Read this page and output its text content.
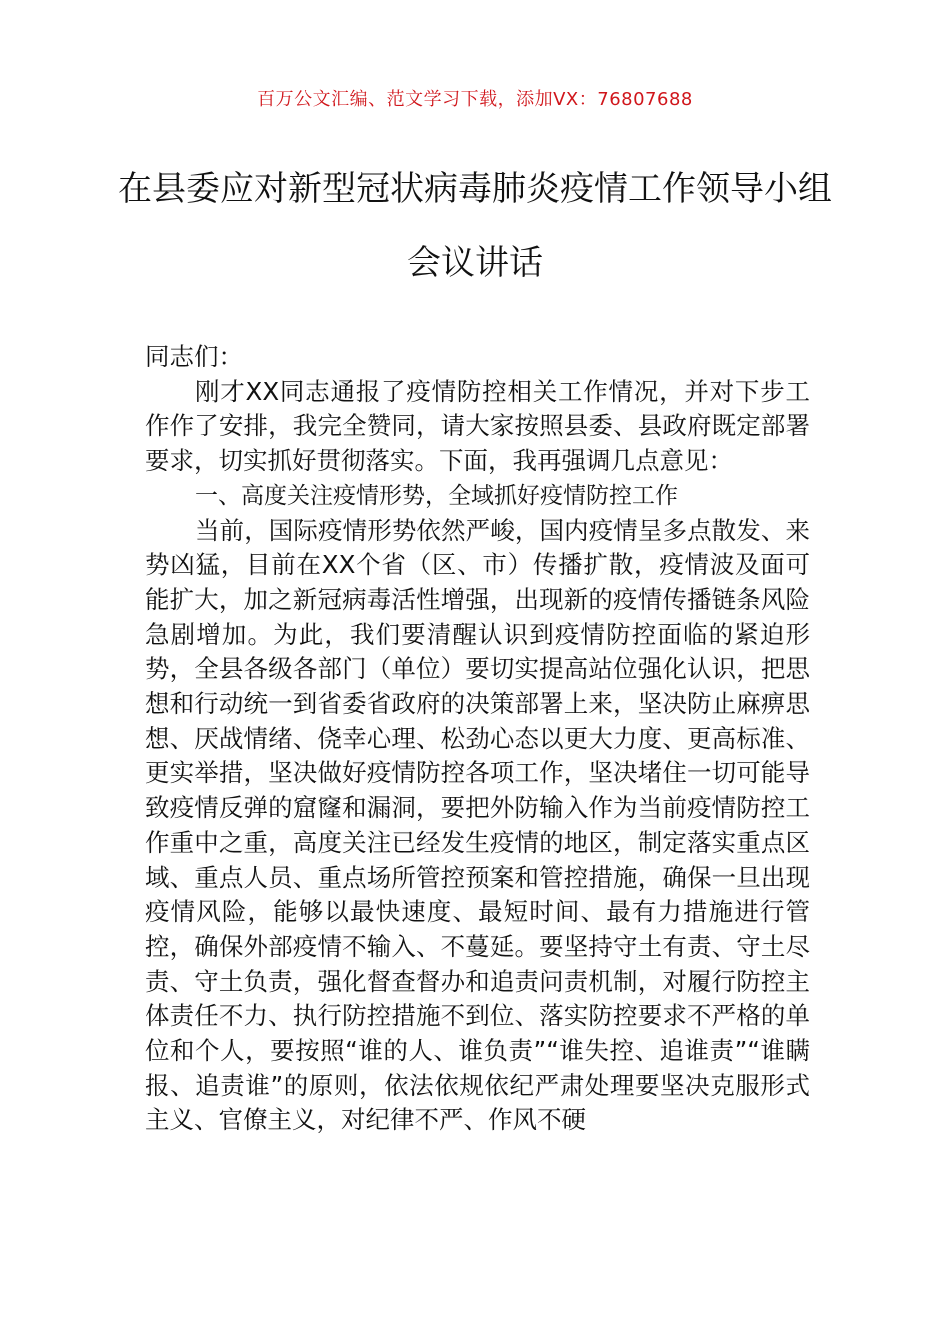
百万公文汇编、范文学习下载，添加VX：76807688
在县委应对新型冠状病毒肺炎疫情工作领导小组会议讲话

同志们：

刚才XX同志通报了疫情防控相关工作情况，并对下步工作作了安排，我完全赞同，请大家按照县委、县政府既定部署要求，切实抓好贯彻落实。下面，我再强调几点意见：

一、高度关注疫情形势，全域抓好疫情防控工作

当前，国际疫情形势依然严峻，国内疫情呈多点散发、来势凶猛，目前在XX个省（区、市）传播扩散，疫情波及面可能扩大，加之新冠病毒活性增强，出现新的疫情传播链条风险急剧增加。为此，我们要清醒认识到疫情防控面临的紧迫形势，全县各级各部门（单位）要切实提高站位强化认识，把思想和行动统一到省委省政府的决策部署上来，坚决防止麻痹思想、厌战情绪、侥幸心理、松劲心态以更大力度、更高标准、更实举措，坚决做好疫情防控各项工作，坚决堵住一切可能导致疫情反弹的窟窿和漏洞，要把外防输入作为当前疫情防控工作重中之重，高度关注已经发生疫情的地区，制定落实重点区域、重点人员、重点场所管控预案和管控措施，确保一旦出现疫情风险，能够以最快速度、最短时间、最有力措施进行管控，确保外部疫情不输入、不蔓延。要坚持守土有责、守土尽责、守土负责，强化督查督办和追责问责机制，对履行防控主体责任不力、执行防控措施不到位、落实防控要求不严格的单位和个人，要按照“谁的人、谁负责”“谁失控、追谁责”“谁瞒报、追责谁”的原则，依法依规依纪严肃处理要坚决克服形式主义、官僚主义，对纪律不严、作风不硬
